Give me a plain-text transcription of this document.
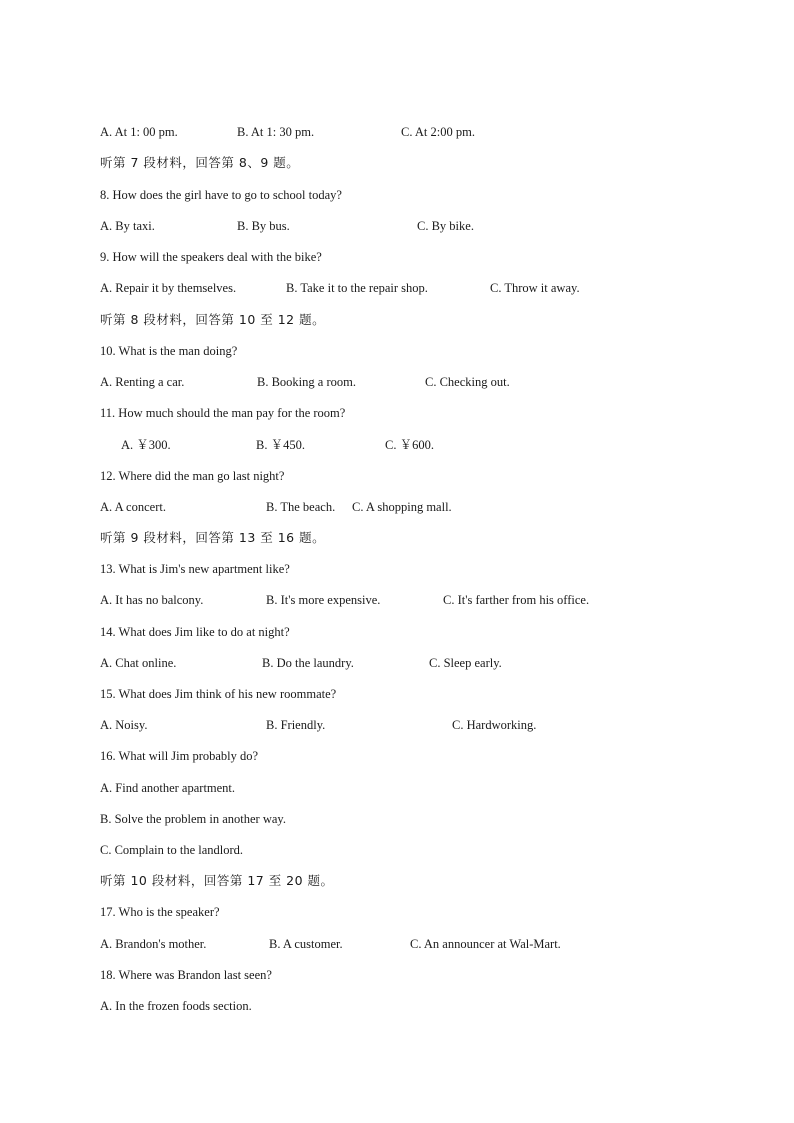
A. At 1: 00 pm.	B. At 1: 30 pm.	C. At 2:00 pm.
听第 7 段材料，回答第 8、9 题。
8. How does the girl have to go to school today?
A. By taxi.	B. By bus.	C. By bike.
9. How will the speakers deal with the bike?
A. Repair it by themselves.	B. Take it to the repair shop.	C. Throw it away.
听第 8 段材料，回答第 10 至 12 题。
10. What is the man doing?
A. Renting a car.	B. Booking a room.	C. Checking out.
11. How much should the man pay for the room?
A. ￥300.	B. ￥450.	C. ￥600.
12. Where did the man go last night?
A. A concert.	B. The beach. C. A shopping mall.
听第 9 段材料，回答第 13 至 16 题。
13. What is Jim's new apartment like?
A. It has no balcony.	B. It's more expensive.	C. It's farther from his office.
14. What does Jim like to do at night?
A. Chat online.	B. Do the laundry.	C. Sleep early.
15. What does Jim think of his new roommate?
A. Noisy.	B. Friendly.	C. Hardworking.
16. What will Jim probably do?
A. Find another apartment.
B. Solve the problem in another way.
C. Complain to the landlord.
听第 10 段材料，回答第 17 至 20 题。
17. Who is the speaker?
A. Brandon's mother.	B. A customer.	C. An announcer at Wal-Mart.
18. Where was Brandon last seen?
A. In the frozen foods section.
